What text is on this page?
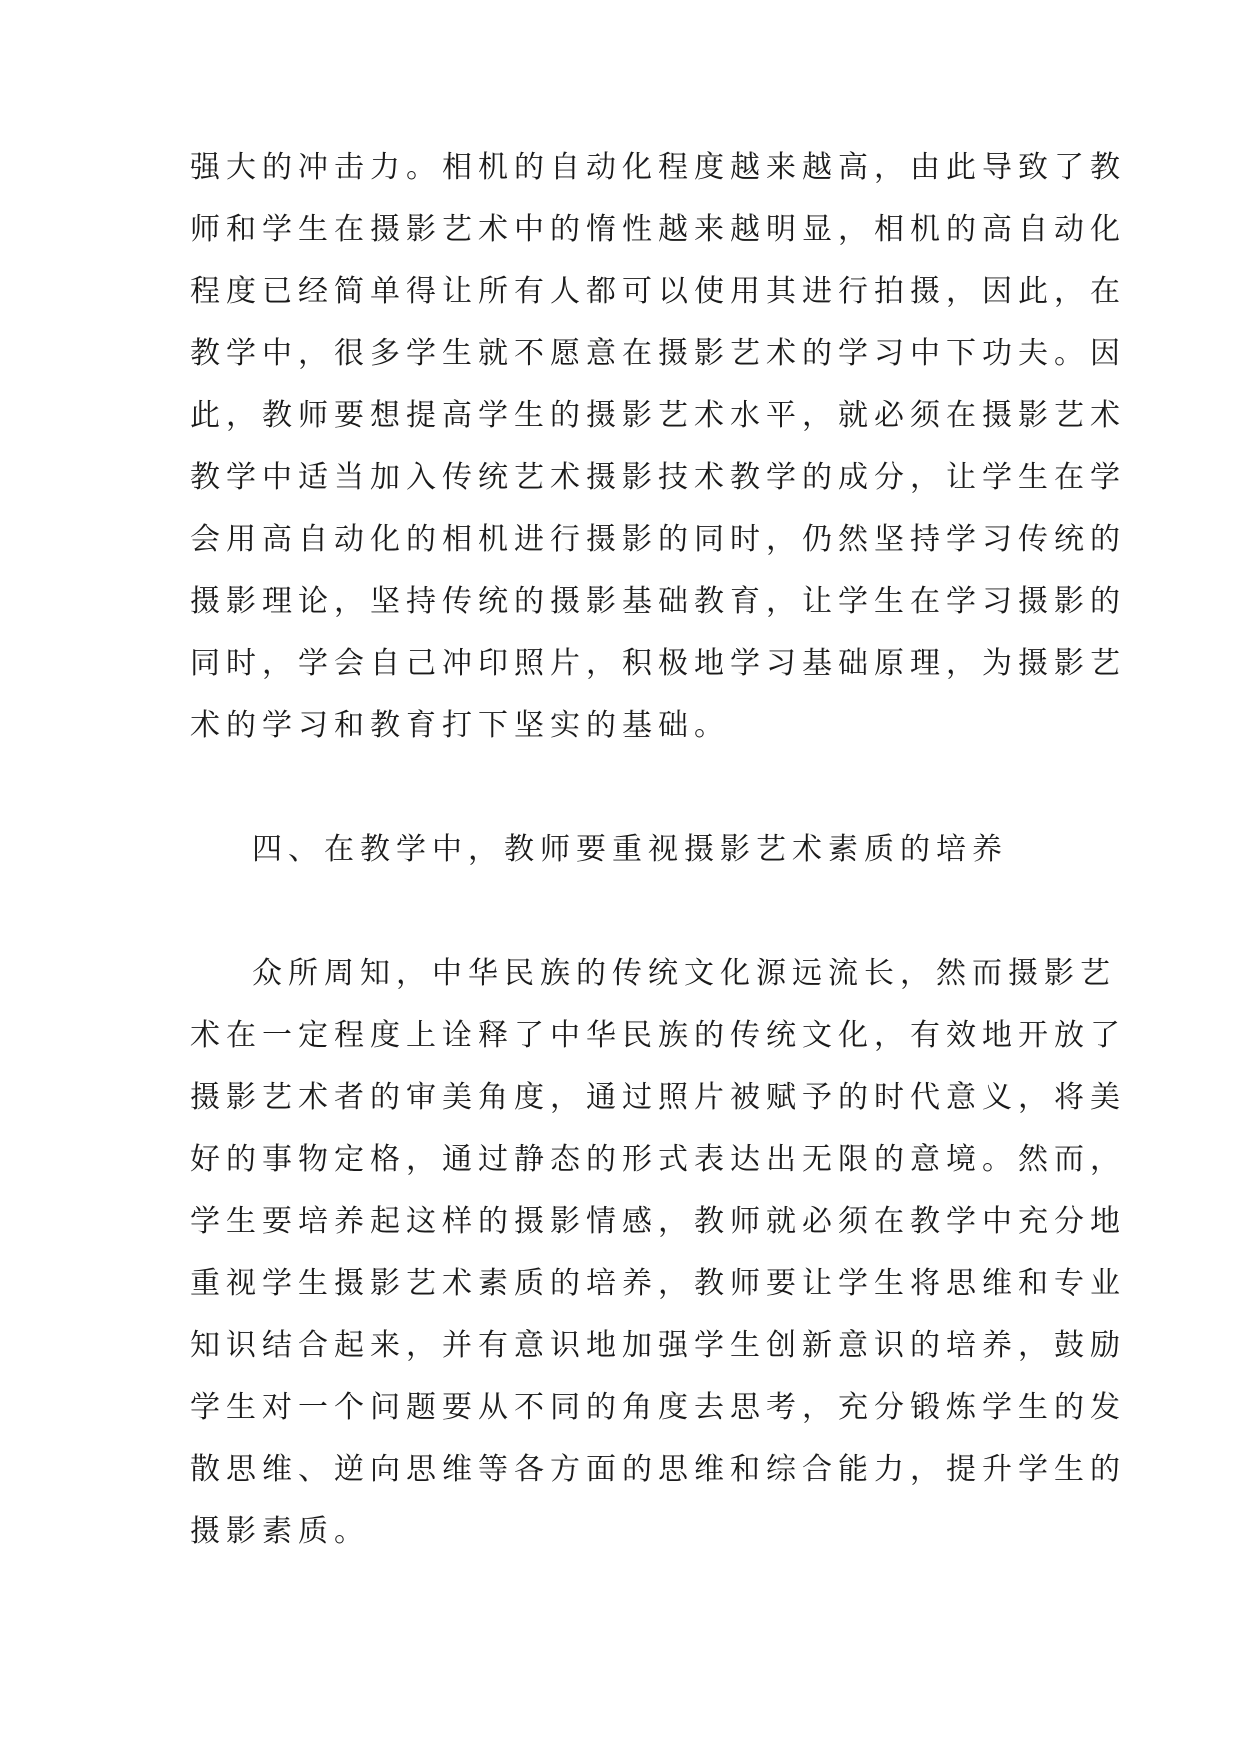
强大的冲击力。相机的自动化程度越来越高，由此导致了教
师和学生在摄影艺术中的惰性越来越明显，相机的高自动化
程度已经简单得让所有人都可以使用其进行拍摄，因此，在
教学中，很多学生就不愿意在摄影艺术的学习中下功夫。因
此，教师要想提高学生的摄影艺术水平，就必须在摄影艺术
教学中适当加入传统艺术摄影技术教学的成分，让学生在学
会用高自动化的相机进行摄影的同时，仍然坚持学习传统的
摄影理论，坚持传统的摄影基础教育，让学生在学习摄影的
同时，学会自己冲印照片，积极地学习基础原理，为摄影艺
术的学习和教育打下坚实的基础。
四、在教学中，教师要重视摄影艺术素质的培养
众所周知，中华民族的传统文化源远流长，然而摄影艺
术在一定程度上诠释了中华民族的传统文化，有效地开放了
摄影艺术者的审美角度，通过照片被赋予的时代意义，将美
好的事物定格，通过静态的形式表达出无限的意境。然而，
学生要培养起这样的摄影情感，教师就必须在教学中充分地
重视学生摄影艺术素质的培养，教师要让学生将思维和专业
知识结合起来，并有意识地加强学生创新意识的培养，鼓励
学生对一个问题要从不同的角度去思考，充分锻炼学生的发
散思维、逆向思维等各方面的思维和综合能力，提升学生的
摄影素质。
